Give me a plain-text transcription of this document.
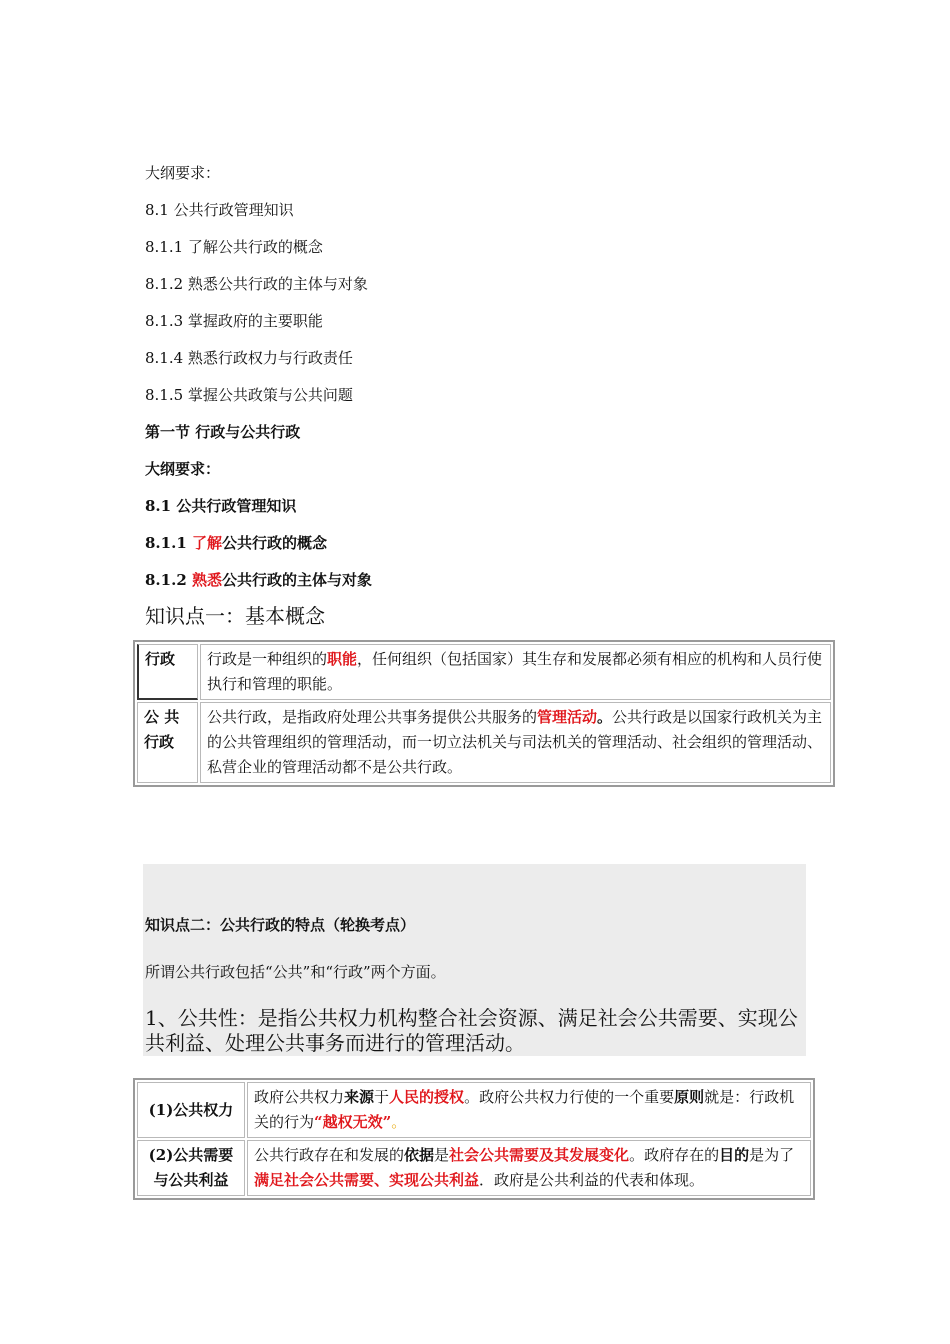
大纲要求：
8.1 公共行政管理知识
8.1.1 了解公共行政的概念
8.1.2 熟悉公共行政的主体与对象
8.1.3 掌握政府的主要职能
8.1.4 熟悉行政权力与行政责任
8.1.5 掌握公共政策与公共问题
第一节 行政与公共行政
大纲要求：
8.1 公共行政管理知识
8.1.1 了解公共行政的概念
8.1.2 熟悉公共行政的主体与对象
知识点一：基本概念
行政	行政是一种组织的职能，任何组织（包括国家）其生存和发展都必须有相应的机构和人员行使执行和管理的职能。
公 共行政	公共行政，是指政府处理公共事务提供公共服务的管理活动。公共行政是以国家行政机关为主的公共管理组织的管理活动，而一切立法机关与司法机关的管理活动、社会组织的管理活动、私营企业的管理活动都不是公共行政。
知识点二：公共行政的特点（轮换考点）
所谓公共行政包括“公共”和“行政”两个方面。
1、公共性：是指公共权力机构整合社会资源、满足社会公共需要、实现公共利益、处理公共事务而进行的管理活动。
(1)公共权力	政府公共权力来源于人民的授权。政府公共权力行使的一个重要原则就是：行政机关的行为“越权无效”。
(2)公共需要与公共利益	公共行政存在和发展的依据是社会公共需要及其发展变化。政府存在的目的是为了满足社会公共需要、实现公共利益．政府是公共利益的代表和体现。
